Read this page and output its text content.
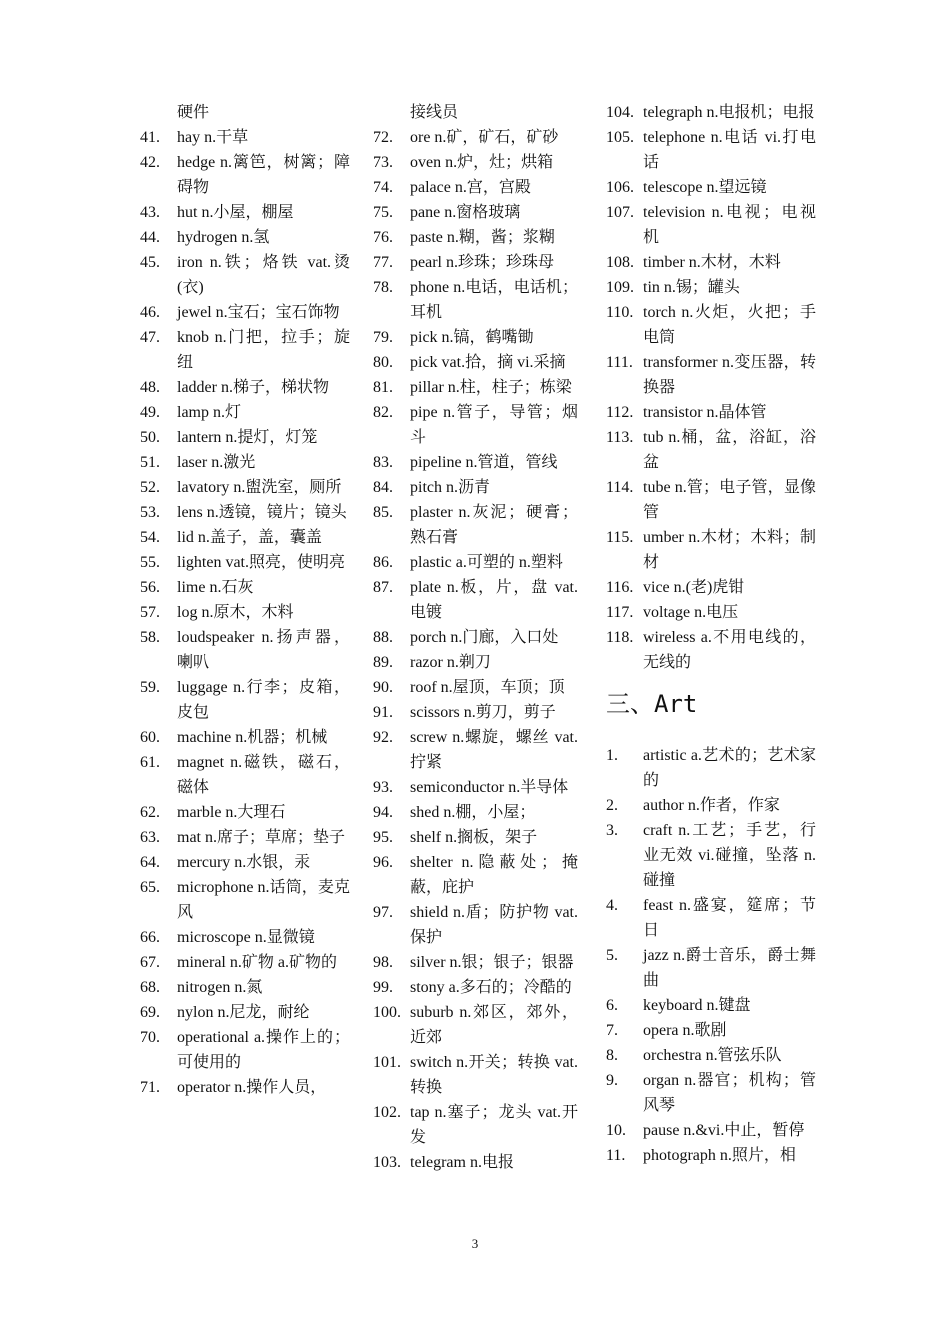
硬件
41.	hay n.干草
42.	hedge n.篱笆，树篱；障碍物
43.	hut n.小屋，棚屋
44.	hydrogen n.氢
45.	iron n.铁；烙铁 vat.烫(衣)
46.	jewel n.宝石；宝石饰物
47.	knob n.门把，拉手；旋纽
48.	ladder n.梯子，梯状物
49.	lamp n.灯
50.	lantern n.提灯，灯笼
51.	laser n.激光
52.	lavatory n.盥洗室，厕所
53.	lens n.透镜，镜片；镜头
54.	lid n.盖子，盖，囊盖
55.	lighten vat.照亮，使明亮
56.	lime n.石灰
57.	log n.原木，木料
58.	loudspeaker n.扬声器，喇叭
59.	luggage n.行李；皮箱，皮包
60.	machine n.机器；机械
61.	magnet n.磁铁，磁石，磁体
62.	marble n.大理石
63.	mat n.席子；草席；垫子
64.	mercury n.水银，汞
65.	microphone n.话筒，麦克风
66.	microscope n.显微镜
67.	mineral n.矿物 a.矿物的
68.	nitrogen n.氮
69.	nylon n.尼龙，耐纶
70.	operational a.操作上的；可使用的
71.	operator n.操作人员，
接线员
72.	ore n.矿，矿石，矿砂
73.	oven n.炉，灶；烘箱
74.	palace n.宫，宫殿
75.	pane n.窗格玻璃
76.	paste n.糊，酱；浆糊
77.	pearl n.珍珠；珍珠母
78.	phone n.电话，电话机；耳机
79.	pick n.镐，鹤嘴锄
80.	pick vat.拾，摘 vi.采摘
81.	pillar n.柱，柱子；栋梁
82.	pipe n.管子，导管；烟斗
83.	pipeline n.管道，管线
84.	pitch n.沥青
85.	plaster n.灰泥；硬膏；熟石膏
86.	plastic a.可塑的 n.塑料
87.	plate n.板，片，盘 vat.电镀
88.	porch n.门廊，入口处
89.	razor n.剃刀
90.	roof n.屋顶，车顶；顶
91.	scissors n.剪刀，剪子
92.	screw n.螺旋，螺丝 vat.拧紧
93.	semiconductor n.半导体
94.	shed n.棚，小屋；
95.	shelf n.搁板，架子
96.	shelter n.隐蔽处；掩蔽，庇护
97.	shield n.盾；防护物 vat.保护
98.	silver n.银；银子；银器
99.	stony a.多石的；冷酷的
100. suburb n.郊区，郊外，近郊
101. switch n.开关；转换 vat.转换
102. tap n.塞子；龙头 vat.开发
103. telegram n.电报
104. telegraph n.电报机；电报
105. telephone n.电话 vi.打电话
106. telescope n.望远镜
107. television n.电视；电视机
108. timber n.木材，木料
109. tin n.锡；罐头
110. torch n.火炬，火把；手电筒
111. transformer n.变压器，转换器
112. transistor n.晶体管
113. tub n.桶，盆，浴缸，浴盆
114. tube n.管；电子管，显像管
115. umber n.木材；木料；制材
116. vice n.(老)虎钳
117. voltage n.电压
118. wireless a.不用电线的，无线的
三、Art
1.	artistic a.艺术的；艺术家的
2.	author n.作者，作家
3.	craft n.工艺；手艺，行业无效 vi.碰撞，坠落 n.碰撞
4.	feast n.盛宴，筵席；节日
5.	jazz n.爵士音乐，爵士舞曲
6.	keyboard n.键盘
7.	opera n.歌剧
8.	orchestra n.管弦乐队
9.	organ n.器官；机构；管风琴
10.	pause n.&vi.中止，暂停
11.	photograph n.照片，相
3
